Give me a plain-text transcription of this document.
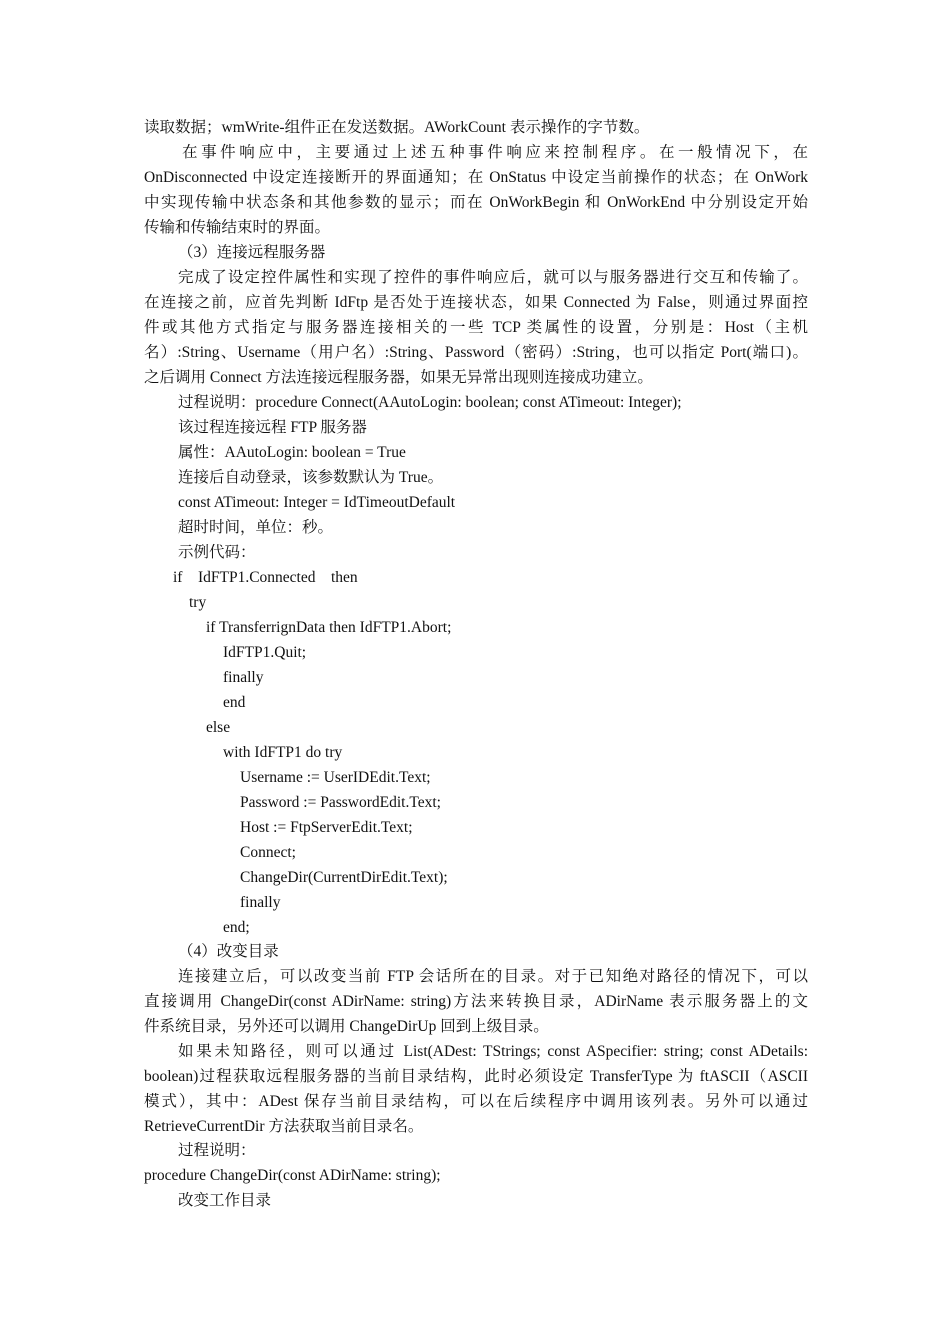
读取数据；wmWrite-组件正在发送数据。AWorkCount 表示操作的字节数。
在事件响应中，主要通过上述五种事件响应来控制程序。在一般情况下，在
OnDisconnected 中设定连接断开的界面通知；在 OnStatus 中设定当前操作的状态；在 OnWork
中实现传输中状态条和其他参数的显示；而在 OnWorkBegin 和 OnWorkEnd 中分别设定开始
传输和传输结束时的界面。
（3）连接远程服务器
完成了设定控件属性和实现了控件的事件响应后，就可以与服务器进行交互和传输了。
在连接之前，应首先判断 IdFtp 是否处于连接状态，如果 Connected 为 False，则通过界面控
件或其他方式指定与服务器连接相关的一些 TCP 类属性的设置，分别是：Host（主机
名）:String、Username（用户名）:String、Password（密码）:String，也可以指定 Port(端口)。
之后调用 Connect 方法连接远程服务器，如果无异常出现则连接成功建立。
过程说明：procedure Connect(AAutoLogin: boolean; const ATimeout: Integer);
该过程连接远程 FTP 服务器
属性：AAutoLogin: boolean = True
连接后自动登录，该参数默认为 True。
const ATimeout: Integer = IdTimeoutDefault
超时时间，单位：秒。
示例代码：
if    IdFTP1.Connected    then
try
if TransferrignData then IdFTP1.Abort;
IdFTP1.Quit;
finally
end
else
with IdFTP1 do try
Username := UserIDEdit.Text;
Password := PasswordEdit.Text;
Host := FtpServerEdit.Text;
Connect;
ChangeDir(CurrentDirEdit.Text);
finally
end;
（4）改变目录
连接建立后，可以改变当前 FTP 会话所在的目录。对于已知绝对路径的情况下，可以
直接调用 ChangeDir(const ADirName: string)方法来转换目录，ADirName 表示服务器上的文
件系统目录，另外还可以调用 ChangeDirUp 回到上级目录。
如果未知路径，则可以通过 List(ADest: TStrings; const ASpecifier: string; const ADetails:
boolean)过程获取远程服务器的当前目录结构，此时必须设定 TransferType 为 ftASCII（ASCII
模式），其中：ADest 保存当前目录结构，可以在后续程序中调用该列表。另外可以通过
RetrieveCurrentDir 方法获取当前目录名。
过程说明：
procedure ChangeDir(const ADirName: string);
改变工作目录
